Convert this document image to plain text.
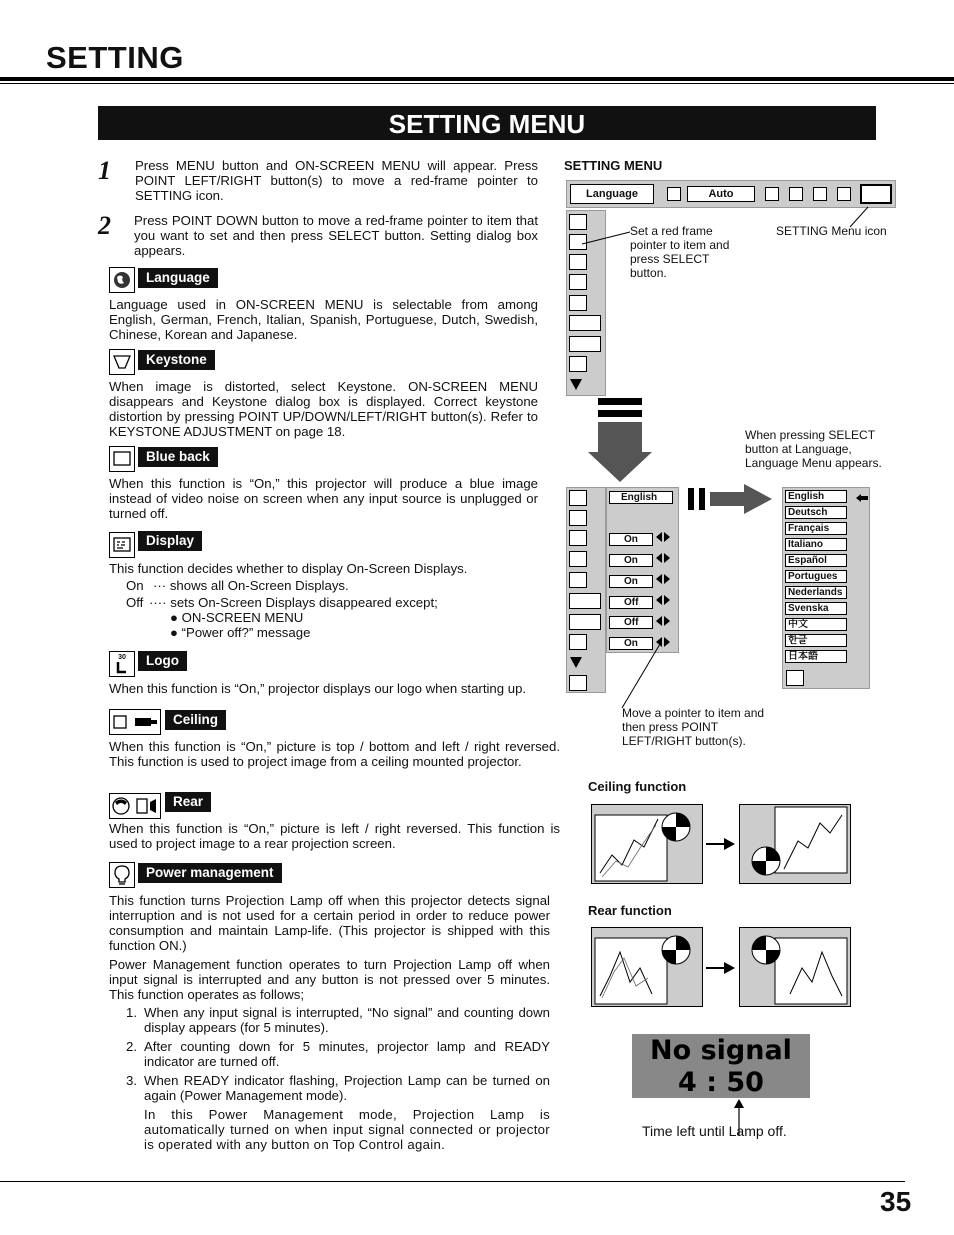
SETTING
SETTING MENU
1 Press MENU button and ON-SCREEN MENU will appear. Press POINT LEFT/RIGHT button(s) to move a red-frame pointer to SETTING icon.
2 Press POINT DOWN button to move a red-frame pointer to item that you want to set and then press SELECT button. Setting dialog box appears.
Language
Language used in ON-SCREEN MENU is selectable from among English, German, French, Italian, Spanish, Portuguese, Dutch, Swedish, Chinese, Korean and Japanese.
Keystone
When image is distorted, select Keystone. ON-SCREEN MENU disappears and Keystone dialog box is displayed. Correct keystone distortion by pressing POINT UP/DOWN/LEFT/RIGHT button(s). Refer to KEYSTONE ADJUSTMENT on page 18.
Blue back
When this function is “On,” this projector will produce a blue image instead of video noise on screen when any input source is unplugged or turned off.
Display
This function decides whether to display On-Screen Displays.
On ··· shows all On-Screen Displays.
Off ···· sets On-Screen Displays disappeared except;
● ON-SCREEN MENU
● “Power off?” message
30	Logo
When this function is “On,” projector displays our logo when starting up.
Ceiling
When this function is “On,” picture is top / bottom and left / right reversed. This function is used to project image from a ceiling mounted projector.
Rear
When this function is “On,” picture is left / right reversed. This function is used to project image to a rear projection screen.
Power management
This function turns Projection Lamp off when this projector detects signal interruption and is not used for a certain period in order to reduce power consumption and maintain Lamp-life. (This projector is shipped with this function ON.)
Power Management function operates to turn Projection Lamp off when input signal is interrupted and any button is not pressed over 5 minutes. This function operates as follows;
1. When any input signal is interrupted, “No signal” and counting down display appears (for 5 minutes).
2. After counting down for 5 minutes, projector lamp and READY indicator are turned off.
3. When READY indicator flashing, Projection Lamp can be turned on again (Power Management mode).
In this Power Management mode, Projection Lamp is automatically turned on when input signal connected or projector is operated with any button on Top Control again.
SETTING MENU
Language	Auto
Set a red frame pointer to item and press SELECT button.
SETTING Menu icon
When pressing SELECT button at Language, Language Menu appears.
English
On
On
On
Off
Off
On
English
Deutsch
Français
Italiano
Español
Portugues
Nederlands
Svenska
中文
한글
日本語
Move a pointer to item and then press POINT LEFT/RIGHT button(s).
Ceiling function
Rear function
No signal
4 : 50
Time left until Lamp off.
35
